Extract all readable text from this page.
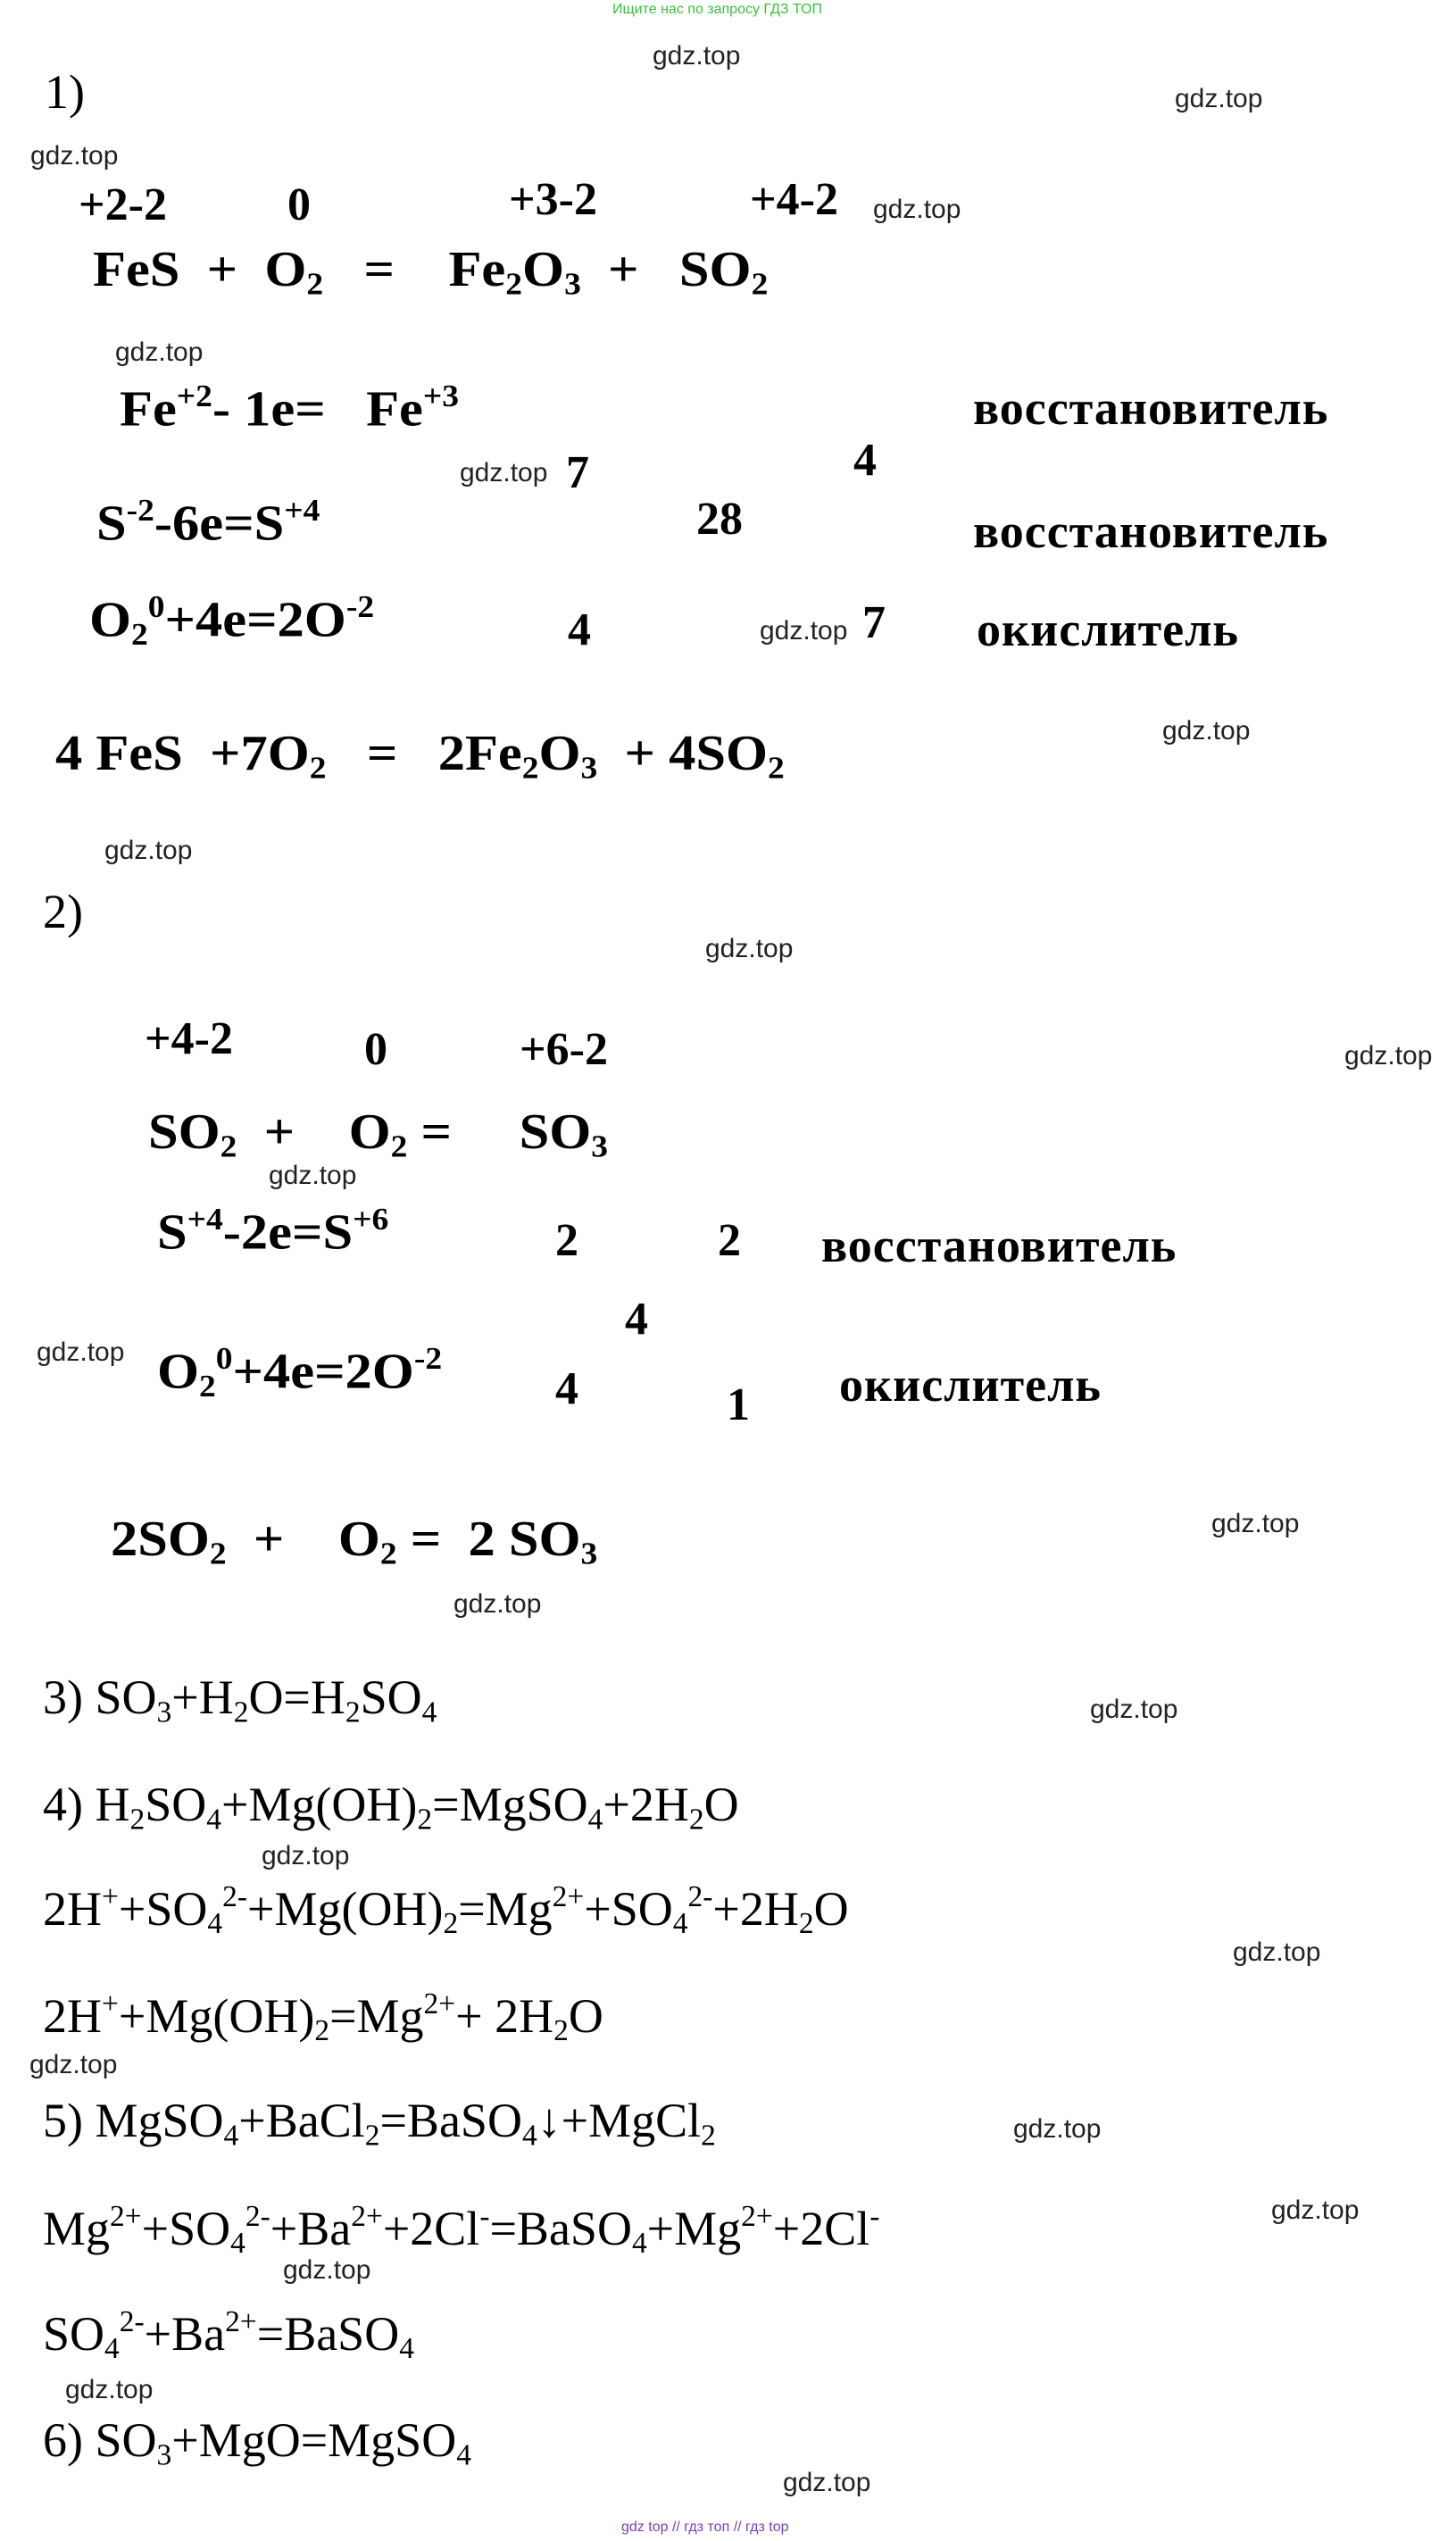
Ищите нас по запросу ГДЗ ТОП
gdz.top
gdz.top
gdz.top
gdz.top
gdz.top
gdz.top
gdz.top
gdz.top
gdz.top
gdz.top
gdz.top
gdz.top
gdz.top
gdz.top
gdz.top
gdz.top
gdz.top
gdz.top
gdz.top
gdz.top
gdz.top
gdz.top
gdz.top
gdz.top
1)
+2-2	0	+3-2	+4-2
FeS  +  $O_2$   =    $Fe_2O_3 + SO_2$
$Fe^{+2}-$ $1e= Fe^{+3}$	восстановитель
7	4
$S^{-2}-6e=S^{+4}$	28	восстановитель
$O_2^0+4e=2O^{-2}$	4	7 окислитель
4 FeS  $+7O_2 = 2Fe_2O_3 + 4SO_2$
2)
+4-2	0	+6-2
$SO_2$  +    $O_2$ =     $SO_3$
$S^{+4}-2e=S^{+6}$	2	2 восстановитель
4
$O_2^0+4e=2O^{-2}$
4	1 окислитель
$2SO_2$  +    $O_2 = 2$ $SO_3$
3) $SO_3+H_2O=H_2SO_4$
4) $H_2SO_4+Mg(OH)_2=MgSO_4+2H_2O$
$2H^++SO_4^{2-}+Mg(OH)_2=Mg^{2+}+SO_4^{2-}+2H_2O$
$2H^++Mg(OH)_2=Mg^{2+}+ 2H_2O$
5) MgSO$_4$+BaCl$_2$=BaSO$_4$↓+MgCl$_2$
$Mg^{2+}+SO_4^{2-}+Ba^{2+}+2Cl^-=BaSO_4+Mg^{2+}+2Cl^-$
$SO_4^{2-}+Ba^{2+}=BaSO_4$
6) $SO_3+MgO=MgSO_4$
gdz top // гдз топ // гдз top
